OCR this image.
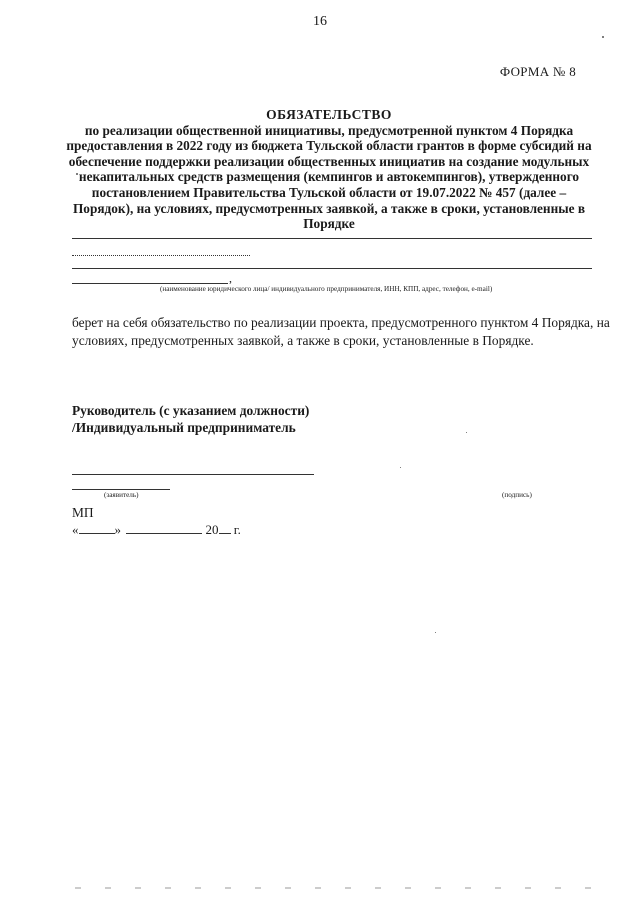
16
ФОРМА № 8
ОБЯЗАТЕЛЬСТВО
по реализации общественной инициативы, предусмотренной пунктом 4 Порядка
предоставления в 2022 году из бюджета Тульской области грантов в форме субсидий на
обеспечение поддержки реализации общественных инициатив на создание модульных
некапитальных средств размещения (кемпингов и автокемпингов), утвержденного
постановлением Правительства Тульской области от 19.07.2022 № 457 (далее –
Порядок), на условиях, предусмотренных заявкой, а также в сроки, установленные в
Порядке
,
(наименование юридического лица/ индивидуального предпринимателя, ИНН, КПП, адрес, телефон, e-mail)
берет на себя обязательство по реализации проекта, предусмотренного пунктом 4 Порядка, на
условиях, предусмотренных заявкой, а также в сроки, установленные в Порядке.
Руководитель (с указанием должности)
/Индивидуальный предприниматель
(заявитель)	(подпись)
МП
«	»	20 г.
